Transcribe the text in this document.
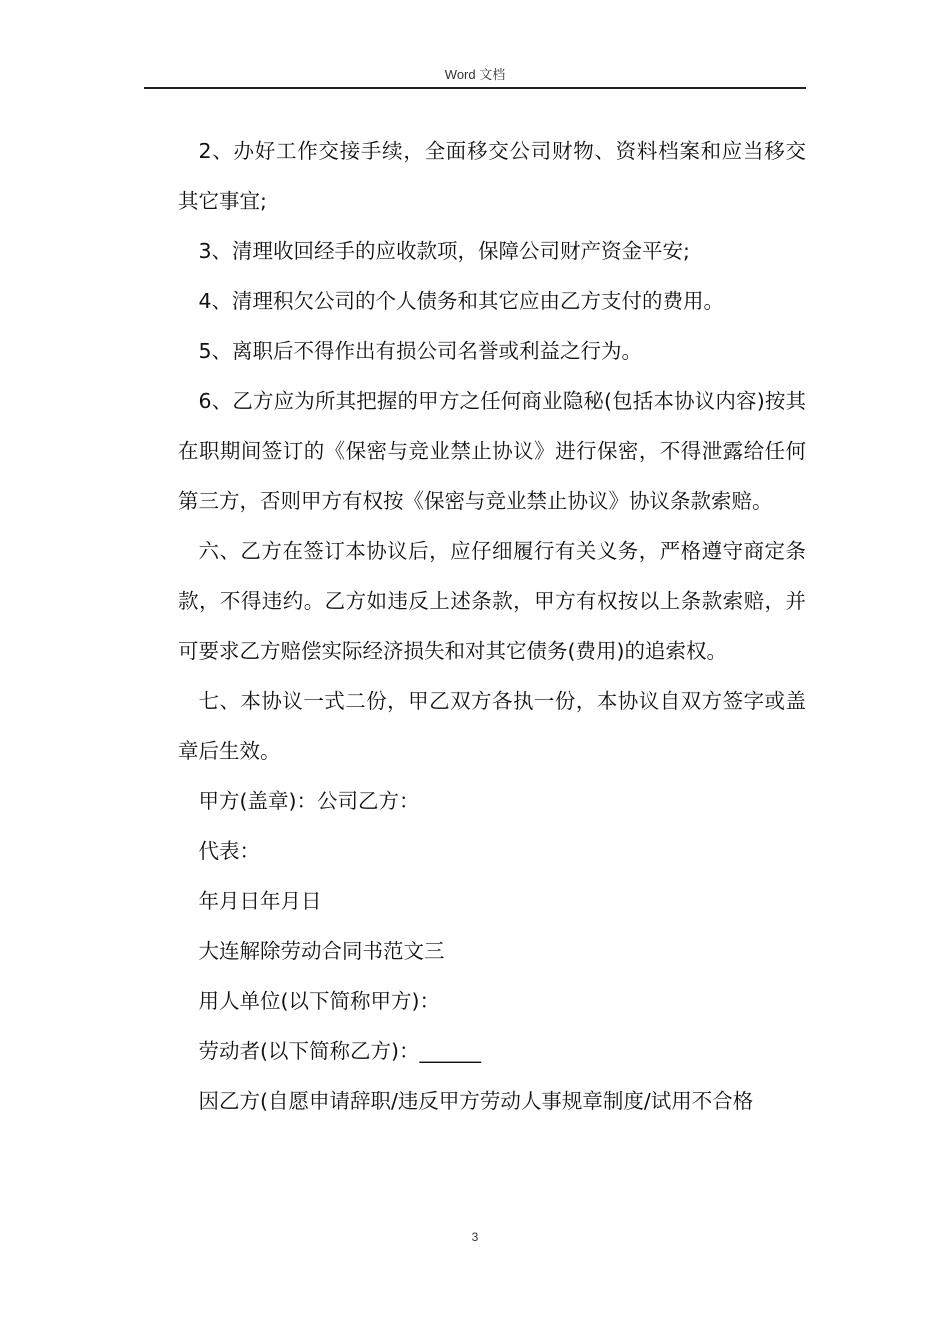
Word 文档

2、办好工作交接手续，全面移交公司财物、资料档案和应当移交其它事宜;

3、清理收回经手的应收款项，保障公司财产资金平安;

4、清理积欠公司的个人债务和其它应由乙方支付的费用。

5、离职后不得作出有损公司名誉或利益之行为。

6、乙方应为所其把握的甲方之任何商业隐秘(包括本协议内容)按其在职期间签订的《保密与竞业禁止协议》进行保密，不得泄露给任何第三方，否则甲方有权按《保密与竞业禁止协议》协议条款索赔。

六、乙方在签订本协议后，应仔细履行有关义务，严格遵守商定条款，不得违约。乙方如违反上述条款，甲方有权按以上条款索赔，并可要求乙方赔偿实际经济损失和对其它债务(费用)的追索权。

七、本协议一式二份，甲乙双方各执一份，本协议自双方签字或盖章后生效。

甲方(盖章)：公司乙方：

代表：

年月日年月日

大连解除劳动合同书范文三

用人单位(以下简称甲方)：

劳动者(以下简称乙方)：______

因乙方(自愿申请辞职/违反甲方劳动人事规章制度/试用不合格

3
